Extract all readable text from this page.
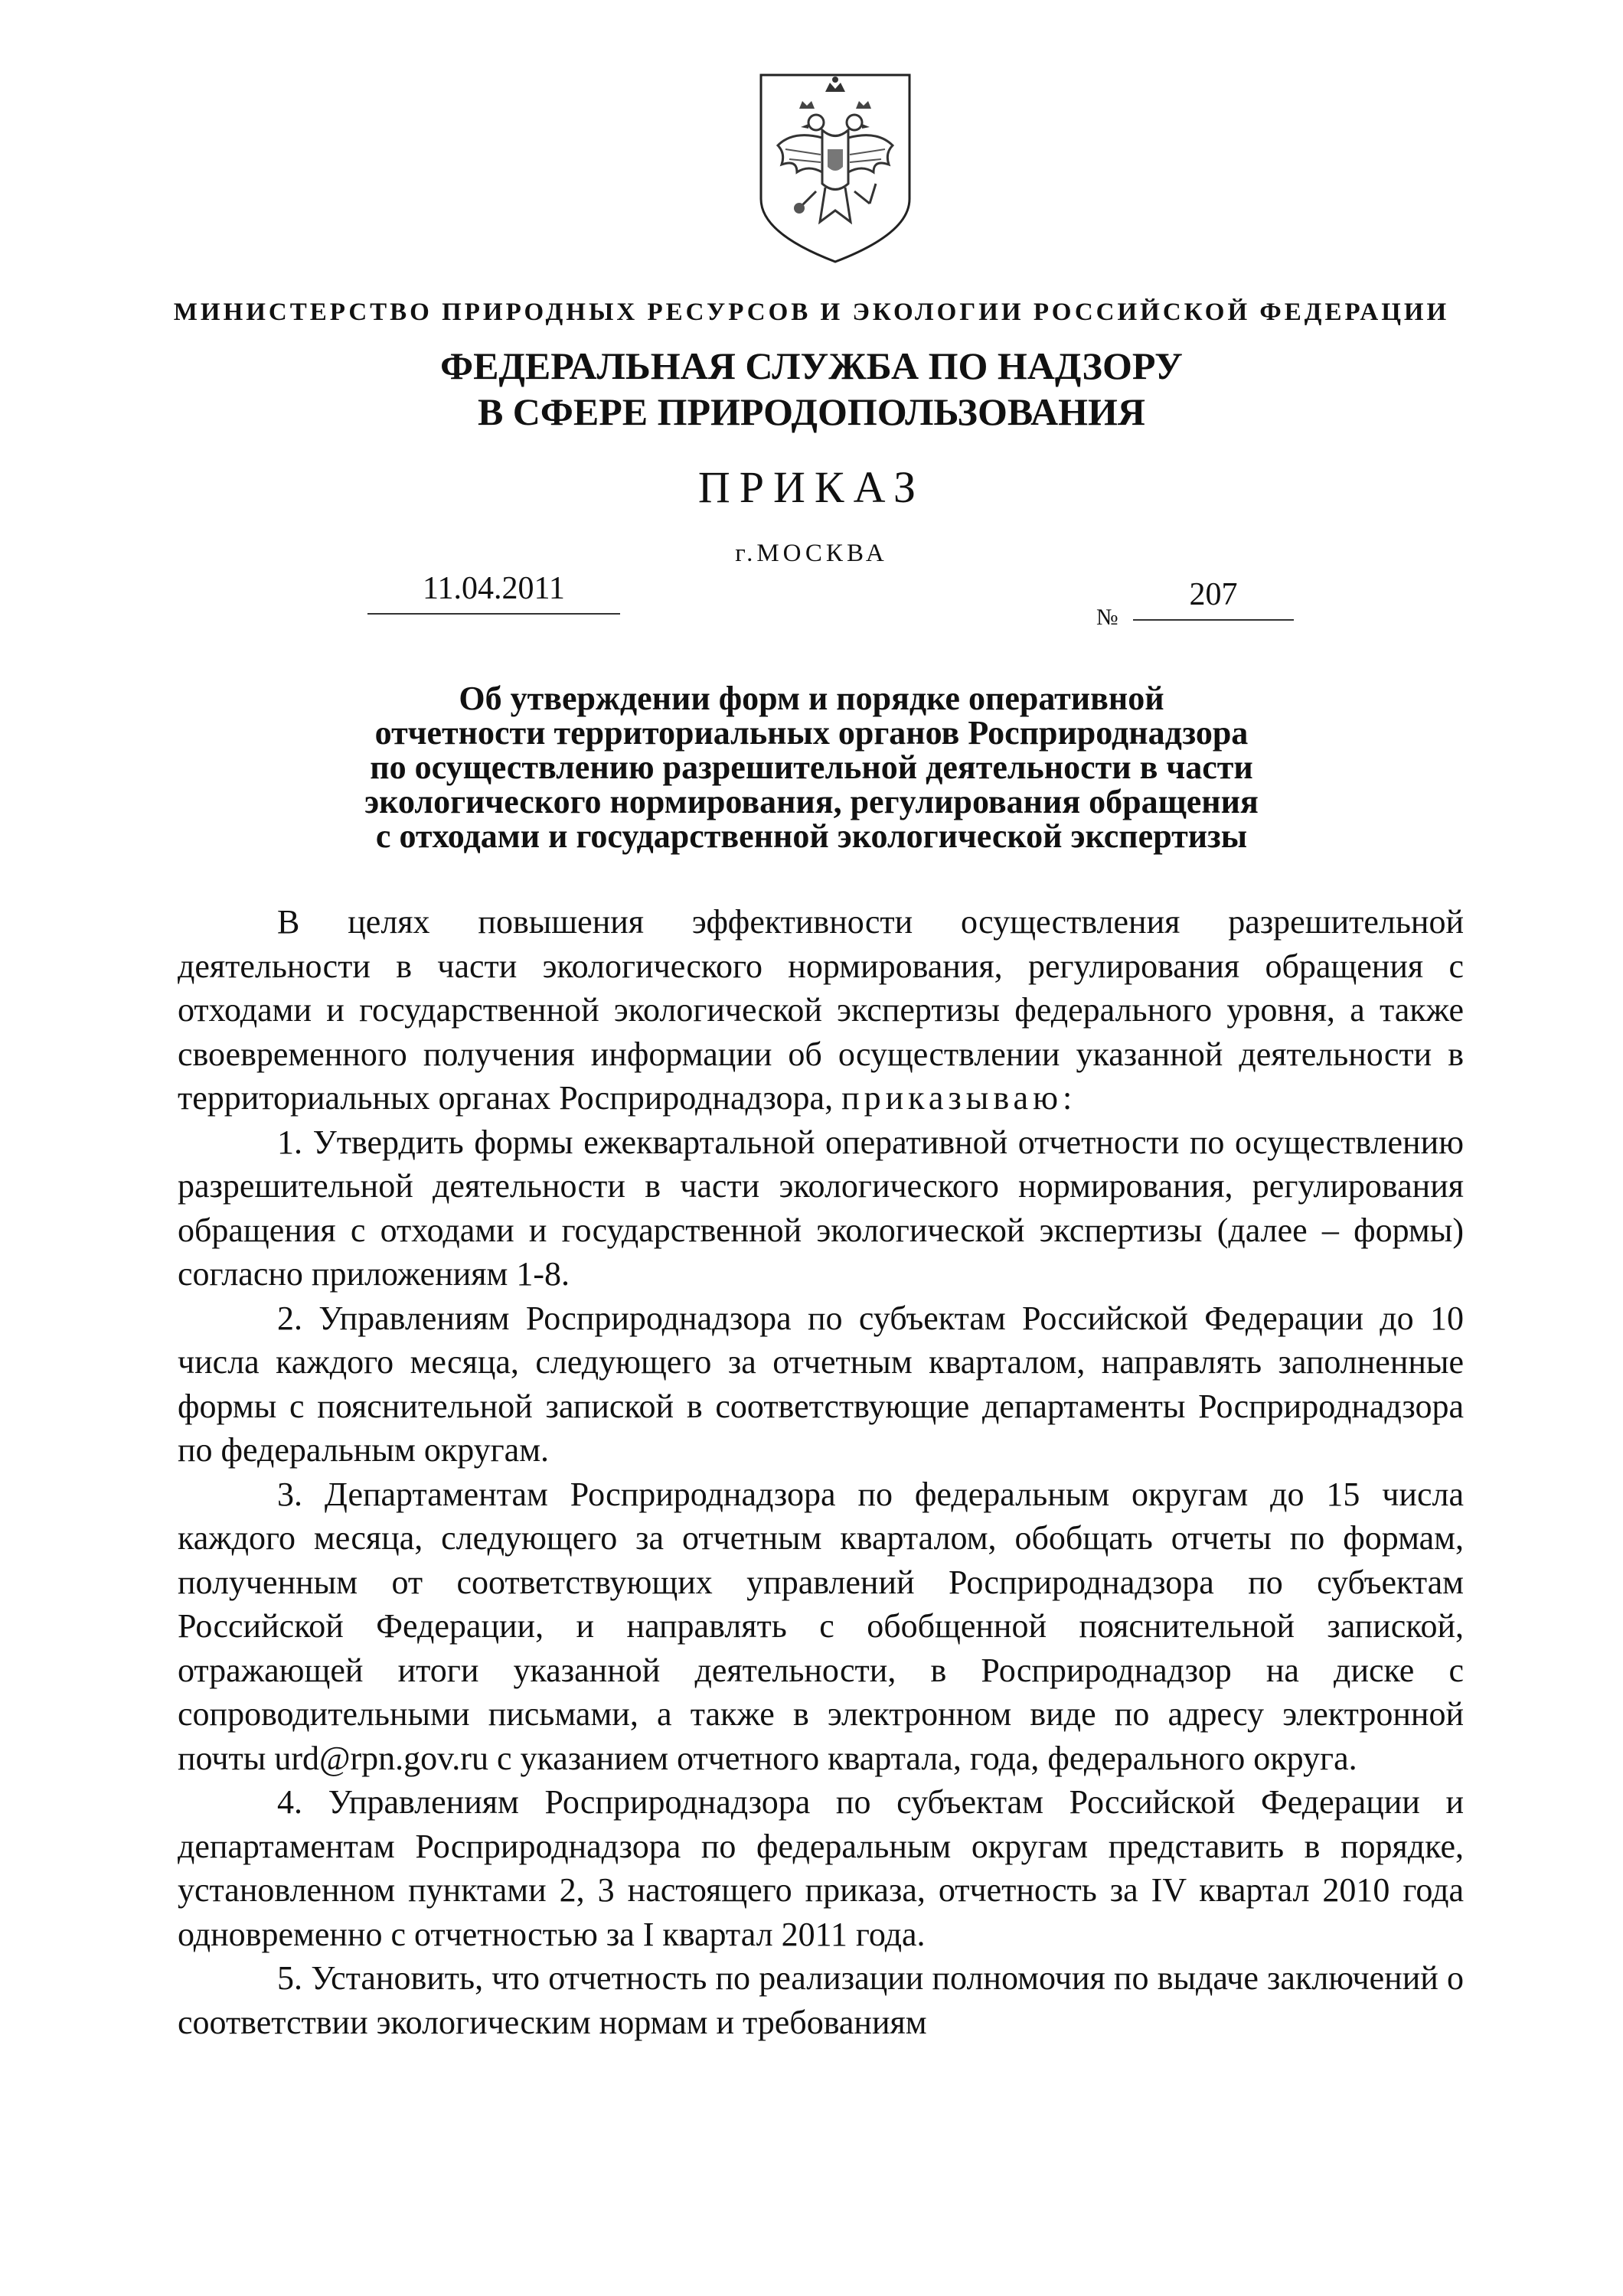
МИНИСТЕРСТВО ПРИРОДНЫХ РЕСУРСОВ И ЭКОЛОГИИ РОССИЙСКОЙ ФЕДЕРАЦИИ
ФЕДЕРАЛЬНАЯ СЛУЖБА ПО НАДЗОРУ
В СФЕРЕ ПРИРОДОПОЛЬЗОВАНИЯ
ПРИКАЗ
г.МОСКВА
11.04.2011
№
207
Об утверждении форм и порядке оперативной
отчетности территориальных органов Росприроднадзора
по осуществлению разрешительной деятельности в части
экологического нормирования, регулирования обращения
с отходами и государственной экологической экспертизы

В целях повышения эффективности осуществления разрешительной деятельности в части экологического нормирования, регулирования обращения с отходами и государственной экологической экспертизы федерального уровня, а также своевременного получения информации об осуществлении указанной деятельности в территориальных органах Росприроднадзора, приказываю:

1. Утвердить формы ежеквартальной оперативной отчетности по осуществлению разрешительной деятельности в части экологического нормирования, регулирования обращения с отходами и государственной экологической экспертизы (далее – формы) согласно приложениям 1-8.

2. Управлениям Росприроднадзора по субъектам Российской Федерации до 10 числа каждого месяца, следующего за отчетным кварталом, направлять заполненные формы с пояснительной запиской в соответствующие департаменты Росприроднадзора по федеральным округам.

3. Департаментам Росприроднадзора по федеральным округам до 15 числа каждого месяца, следующего за отчетным кварталом, обобщать отчеты по формам, полученным от соответствующих управлений Росприроднадзора по субъектам Российской Федерации, и направлять с обобщенной пояснительной запиской, отражающей итоги указанной деятельности, в Росприроднадзор на диске с сопроводительными письмами, а также в электронном виде по адресу электронной почты urd@rpn.gov.ru с указанием отчетного квартала, года, федерального округа.

4. Управлениям Росприроднадзора по субъектам Российской Федерации и департаментам Росприроднадзора по федеральным округам представить в порядке, установленном пунктами 2, 3 настоящего приказа, отчетность за IV квартал 2010 года одновременно с отчетностью за I квартал 2011 года.

5. Установить, что отчетность по реализации полномочия по выдаче заключений о соответствии экологическим нормам и требованиям
